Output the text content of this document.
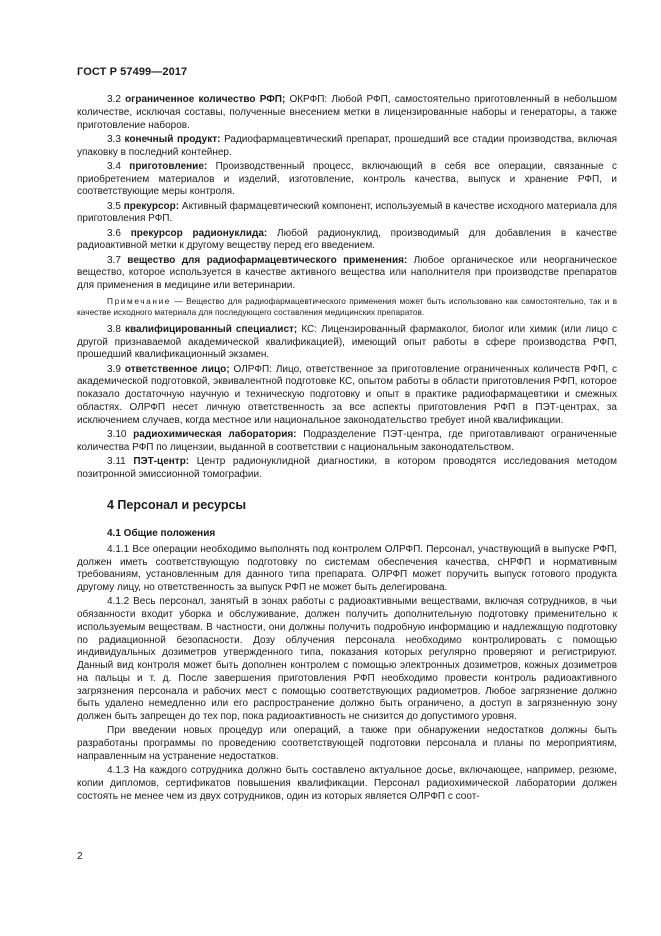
ГОСТ Р 57499—2017

3.2 ограниченное количество РФП; ОКРФП: Любой РФП, самостоятельно приготовленный в небольшом количестве, исключая составы, полученные внесением метки в лицензированные наборы и генераторы, а также приготовление наборов.

3.3 конечный продукт: Радиофармацевтический препарат, прошедший все стадии производства, включая упаковку в последний контейнер.

3.4 приготовление: Производственный процесс, включающий в себя все операции, связанные с приобретением материалов и изделий, изготовление, контроль качества, выпуск и хранение РФП, и соответствующие меры контроля.

3.5 прекурсор: Активный фармацевтический компонент, используемый в качестве исходного материала для приготовления РФП.

3.6 прекурсор радионуклида: Любой радионуклид, производимый для добавления в качестве радиоактивной метки к другому веществу перед его введением.

3.7 вещество для радиофармацевтического применения: Любое органическое или неорганическое вещество, которое используется в качестве активного вещества или наполнителя при производстве препаратов для применения в медицине или ветеринарии.

Примечание — Вещество для радиофармацевтического применения может быть использовано как самостоятельно, так и в качестве исходного материала для последующего составления медицинских препаратов.

3.8 квалифицированный специалист; КС: Лицензированный фармаколог, биолог или химик (или лицо с другой признаваемой академической квалификацией), имеющий опыт работы в сфере производства РФП, прошедший квалификационный экзамен.

3.9 ответственное лицо; ОЛРФП: Лицо, ответственное за приготовление ограниченных количеств РФП, с академической подготовкой, эквивалентной подготовке КС, опытом работы в области приготовления РФП, которое показало достаточную научную и техническую подготовку и опыт в практике радиофармацевтики и смежных областях. ОЛРФП несет личную ответственность за все аспекты приготовления РФП в ПЭТ-центрах, за исключением случаев, когда местное или национальное законодательство требует иной квалификации.

3.10 радиохимическая лаборатория: Подразделение ПЭТ-центра, где приготавливают ограниченные количества РФП по лицензии, выданной в соответствии с национальным законодательством.

3.11 ПЭТ-центр: Центр радионуклидной диагностики, в котором проводятся исследования методом позитронной эмиссионной томографии.

4 Персонал и ресурсы
4.1 Общие положения

4.1.1 Все операции необходимо выполнять под контролем ОЛРФП. Персонал, участвующий в выпуске РФП, должен иметь соответствующую подготовку по системам обеспечения качества, сНРФП и нормативным требованиям, установленным для данного типа препарата. ОЛРФП может поручить выпуск готового продукта другому лицу, но ответственность за выпуск РФП не может быть делегирована.

4.1.2 Весь персонал, занятый в зонах работы с радиоактивными веществами, включая сотрудников, в чьи обязанности входит уборка и обслуживание, должен получить дополнительную подготовку применительно к используемым веществам. В частности, они должны получить подробную информацию и надлежащую подготовку по радиационной безопасности. Дозу облучения персонала необходимо контролировать с помощью индивидуальных дозиметров утвержденного типа, показания которых регулярно проверяют и регистрируют. Данный вид контроля может быть дополнен контролем с помощью электронных дозиметров, кожных дозиметров на пальцы и т. д. После завершения приготовления РФП необходимо провести контроль радиоактивного загрязнения персонала и рабочих мест с помощью соответствующих радиометров. Любое загрязнение должно быть удалено немедленно или его распространение должно быть ограничено, а доступ в загрязненную зону должен быть запрещен до тех пор, пока радиоактивность не снизится до допустимого уровня.

При введении новых процедур или операций, а также при обнаружении недостатков должны быть разработаны программы по проведению соответствующей подготовки персонала и планы по мероприятиям, направленным на устранение недостатков.

4.1.3 На каждого сотрудника должно быть составлено актуальное досье, включающее, например, резюме, копии дипломов, сертификатов повышения квалификации. Персонал радиохимической лаборатории должен состоять не менее чем из двух сотрудников, один из которых является ОЛРФП с соот-

2
